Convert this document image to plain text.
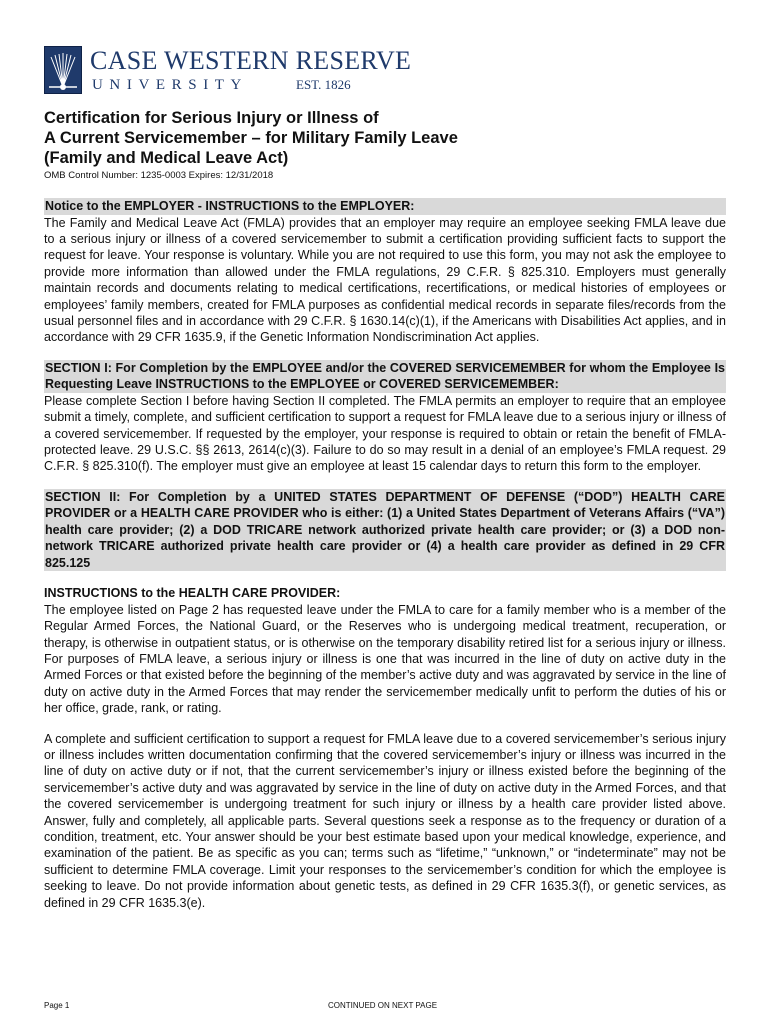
CASE WESTERN RESERVE
UNIVERSITY	EST. 1826
Certification for Serious Injury or Illness of
A Current Servicemember – for Military Family Leave
(Family and Medical Leave Act)
OMB Control Number: 1235-0003 Expires: 12/31/2018
Notice to the EMPLOYER - INSTRUCTIONS to the EMPLOYER:
The Family and Medical Leave Act (FMLA) provides that an employer may require an employee seeking FMLA leave due to a serious injury or illness of a covered servicemember to submit a certification providing sufficient facts to support the request for leave. Your response is voluntary. While you are not required to use this form, you may not ask the employee to provide more information than allowed under the FMLA regulations, 29 C.F.R. § 825.310. Employers must generally maintain records and documents relating to medical certifications, recertifications, or medical histories of employees or employees’ family members, created for FMLA purposes as confidential medical records in separate files/records from the usual personnel files and in accordance with 29 C.F.R. § 1630.14(c)(1), if the Americans with Disabilities Act applies, and in accordance with 29 CFR 1635.9, if the Genetic Information Nondiscrimination Act applies.
SECTION I: For Completion by the EMPLOYEE and/or the COVERED SERVICEMEMBER for whom the Employee Is Requesting Leave INSTRUCTIONS to the EMPLOYEE or COVERED SERVICEMEMBER:
Please complete Section I before having Section II completed. The FMLA permits an employer to require that an employee submit a timely, complete, and sufficient certification to support a request for FMLA leave due to a serious injury or illness of a covered servicemember. If requested by the employer, your response is required to obtain or retain the benefit of FMLA-protected leave. 29 U.S.C. §§ 2613, 2614(c)(3). Failure to do so may result in a denial of an employee’s FMLA request. 29 C.F.R. § 825.310(f). The employer must give an employee at least 15 calendar days to return this form to the employer.
SECTION II: For Completion by a UNITED STATES DEPARTMENT OF DEFENSE (“DOD”) HEALTH CARE PROVIDER or a HEALTH CARE PROVIDER who is either: (1) a United States Department of Veterans Affairs (“VA”) health care provider; (2) a DOD TRICARE network authorized private health care provider; or (3) a DOD non-network TRICARE authorized private health care provider or (4) a health care provider as defined in 29 CFR 825.125
INSTRUCTIONS to the HEALTH CARE PROVIDER:
The employee listed on Page 2 has requested leave under the FMLA to care for a family member who is a member of the Regular Armed Forces, the National Guard, or the Reserves who is undergoing medical treatment, recuperation, or therapy, is otherwise in outpatient status, or is otherwise on the temporary disability retired list for a serious injury or illness. For purposes of FMLA leave, a serious injury or illness is one that was incurred in the line of duty on active duty in the Armed Forces or that existed before the beginning of the member’s active duty and was aggravated by service in the line of duty on active duty in the Armed Forces that may render the servicemember medically unfit to perform the duties of his or her office, grade, rank, or rating.
A complete and sufficient certification to support a request for FMLA leave due to a covered servicemember’s serious injury or illness includes written documentation confirming that the covered servicemember’s injury or illness was incurred in the line of duty on active duty or if not, that the current servicemember’s injury or illness existed before the beginning of the servicemember’s active duty and was aggravated by service in the line of duty on active duty in the Armed Forces, and that the covered servicemember is undergoing treatment for such injury or illness by a health care provider listed above. Answer, fully and completely, all applicable parts. Several questions seek a response as to the frequency or duration of a condition, treatment, etc. Your answer should be your best estimate based upon your medical knowledge, experience, and examination of the patient. Be as specific as you can; terms such as “lifetime,” “unknown,” or “indeterminate” may not be sufficient to determine FMLA coverage. Limit your responses to the servicemember’s condition for which the employee is seeking to leave. Do not provide information about genetic tests, as defined in 29 CFR 1635.3(f), or genetic services, as defined in 29 CFR 1635.3(e).
Page 1	CONTINUED ON NEXT PAGE
